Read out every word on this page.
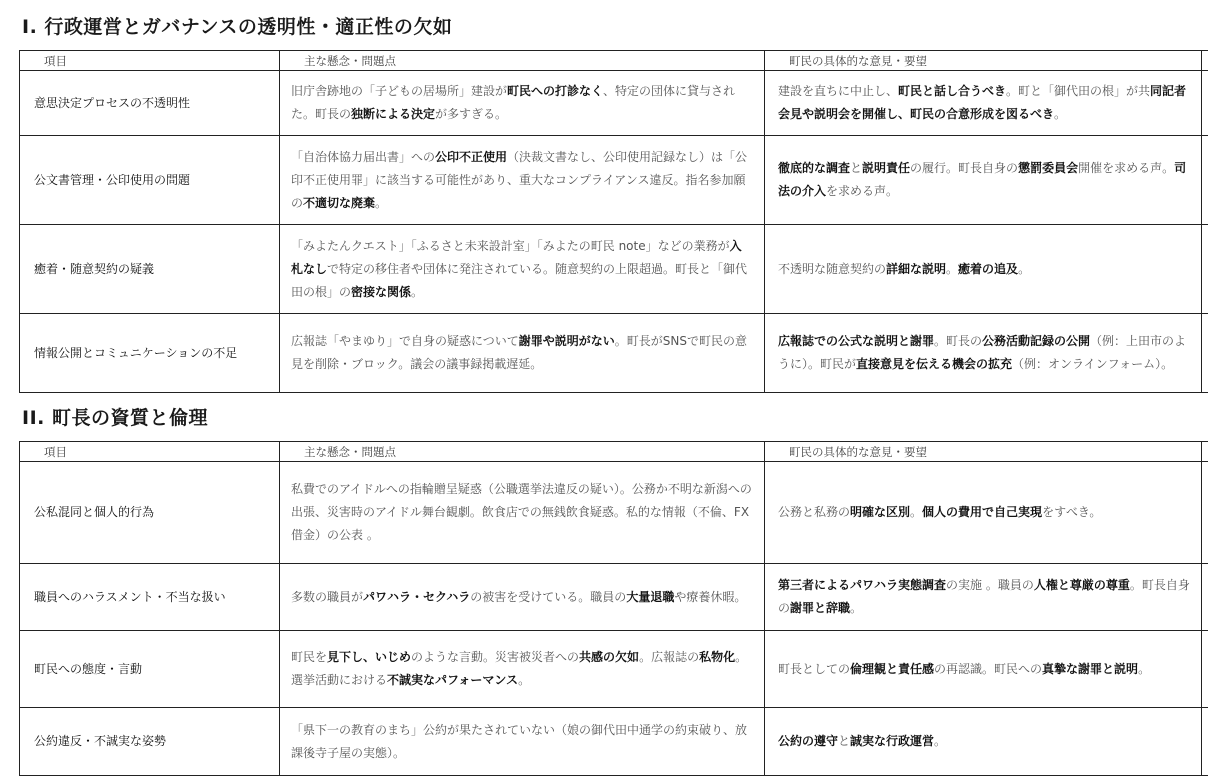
I. 行政運営とガバナンスの透明性・適正性の欠如
項目	主な懸念・問題点	町民の具体的な意見・要望	
意思決定プロセスの不透明性	旧庁舎跡地の「子どもの居場所」建設が町民への打診なく、特定の団体に貸与された。町長の独断による決定が多すぎる。	建設を直ちに中止し、町民と話し合うべき。町と「御代田の根」が共同記者会見や説明会を開催し、町民の合意形成を図るべき。	
公文書管理・公印使用の問題	「自治体協力届出書」への公印不正使用（決裁文書なし、公印使用記録なし）は「公印不正使用罪」に該当する可能性があり、重大なコンプライアンス違反。指名参加願の不適切な廃棄。	徹底的な調査と説明責任の履行。町長自身の懲罰委員会開催を求める声。司法の介入を求める声。	
癒着・随意契約の疑義	「みよたんクエスト」「ふるさと未来設計室」「みよたの町民 note」などの業務が入札なしで特定の移住者や団体に発注されている。随意契約の上限超過。町長と「御代田の根」の密接な関係。	不透明な随意契約の詳細な説明。癒着の追及。	
情報公開とコミュニケーションの不足	広報誌「やまゆり」で自身の疑惑について謝罪や説明がない。町長がSNSで町民の意見を削除・ブロック。議会の議事録掲載遅延。	広報誌での公式な説明と謝罪。町長の公務活動記録の公開（例：上田市のように）。町民が直接意見を伝える機会の拡充（例：オンラインフォーム）。	
II. 町長の資質と倫理
項目	主な懸念・問題点	町民の具体的な意見・要望	
公私混同と個人的行為	私費でのアイドルへの指輪贈呈疑惑（公職選挙法違反の疑い）。公務か不明な新潟への出張、災害時のアイドル舞台観劇。飲食店での無銭飲食疑惑。私的な情報（不倫、FX借金）の公表 。	公務と私務の明確な区別。個人の費用で自己実現をすべき。	
職員へのハラスメント・不当な扱い	多数の職員がパワハラ・セクハラの被害を受けている。職員の大量退職や療養休暇。	第三者によるパワハラ実態調査の実施 。職員の人権と尊厳の尊重。町長自身の謝罪と辞職。	
町民への態度・言動	町民を見下し、いじめのような言動。災害被災者への共感の欠如。広報誌の私物化。選挙活動における不誠実なパフォーマンス。	町長としての倫理観と責任感の再認識。町民への真摯な謝罪と説明。	
公約違反・不誠実な姿勢	「県下一の教育のまち」公約が果たされていない（娘の御代田中通学の約束破り、放課後寺子屋の実態）。	公約の遵守と誠実な行政運営。	
